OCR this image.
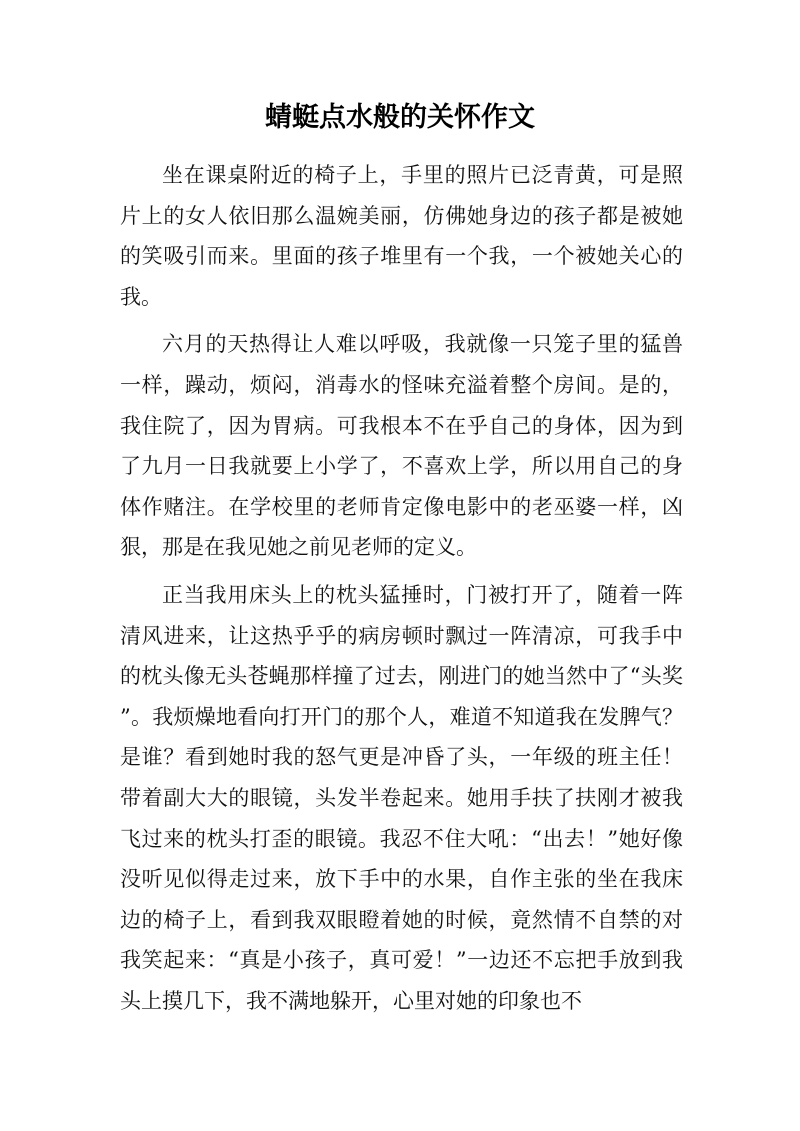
蜻蜓点水般的关怀作文

坐在课桌附近的椅子上，手里的照片已泛青黄，可是照片上的女人依旧那么温婉美丽，仿佛她身边的孩子都是被她的笑吸引而来。里面的孩子堆里有一个我，一个被她关心的我。

六月的天热得让人难以呼吸，我就像一只笼子里的猛兽一样，躁动，烦闷，消毒水的怪味充溢着整个房间。是的，我住院了，因为胃病。可我根本不在乎自己的身体，因为到了九月一日我就要上小学了，不喜欢上学，所以用自己的身体作赌注。在学校里的老师肯定像电影中的老巫婆一样，凶狠，那是在我见她之前见老师的定义。

正当我用床头上的枕头猛捶时，门被打开了，随着一阵清风进来，让这热乎乎的病房顿时飘过一阵清凉，可我手中的枕头像无头苍蝇那样撞了过去，刚进门的她当然中了“头奖”。我烦燥地看向打开门的那个人，难道不知道我在发脾气？是谁？看到她时我的怒气更是冲昏了头，一年级的班主任！带着副大大的眼镜，头发半卷起来。她用手扶了扶刚才被我飞过来的枕头打歪的眼镜。我忍不住大吼：“出去！”她好像没听见似得走过来，放下手中的水果，自作主张的坐在我床边的椅子上，看到我双眼瞪着她的时候，竟然情不自禁的对我笑起来：“真是小孩子，真可爱！”一边还不忘把手放到我头上摸几下，我不满地躲开，心里对她的印象也不
